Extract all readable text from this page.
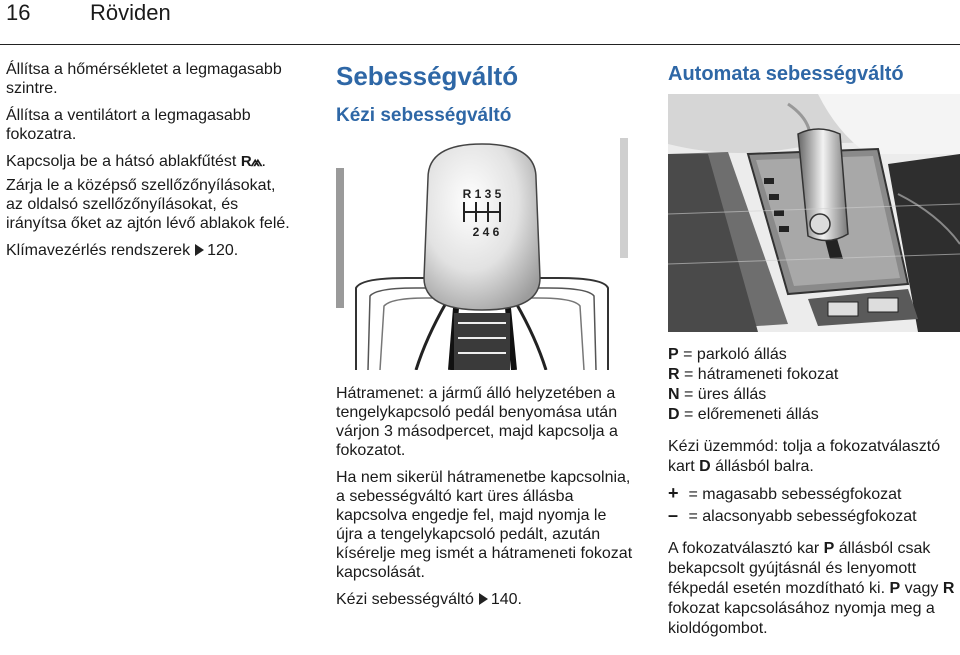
16	Röviden

Állítsa a hőmérsékletet a legmagasabb szintre.

Állítsa a ventilátort a legmagasabb fokozatra.

Kapcsolja be a hátsó ablakfűtést R⩕.

Zárja le a középső szellőzőnyílásokat, az oldalsó szellőzőnyílásokat, és irányítsa őket az ajtón lévő ablakok felé.

Klímavezérlés rendszerek 120.

Sebességváltó
Kézi sebességváltó
R 1 3 5
2 4 6

Hátramenet: a jármű álló helyzetében a tengelykapcsoló pedál benyomása után várjon 3 másodpercet, majd kapcsolja a fokozatot.

Ha nem sikerül hátramenetbe kapcsolnia, a sebességváltó kart üres állásba kapcsolva engedje fel, majd nyomja le újra a tengelykapcsoló pedált, azután kísérelje meg ismét a hátrameneti fokozat kapcsolását.

Kézi sebességváltó 140.

Automata sebességváltó

P = parkoló állás

R = hátrameneti fokozat

N = üres állás

D = előremeneti állás

Kézi üzemmód: tolja a fokozatválasztó kart D állásból balra.

+ = magasabb sebességfokozat

– = alacsonyabb sebességfokozat

A fokozatválasztó kar P állásból csak bekapcsolt gyújtásnál és lenyomott fékpedál esetén mozdítható ki. P vagy R fokozat kapcsolásához nyomja meg a kioldógombot.
